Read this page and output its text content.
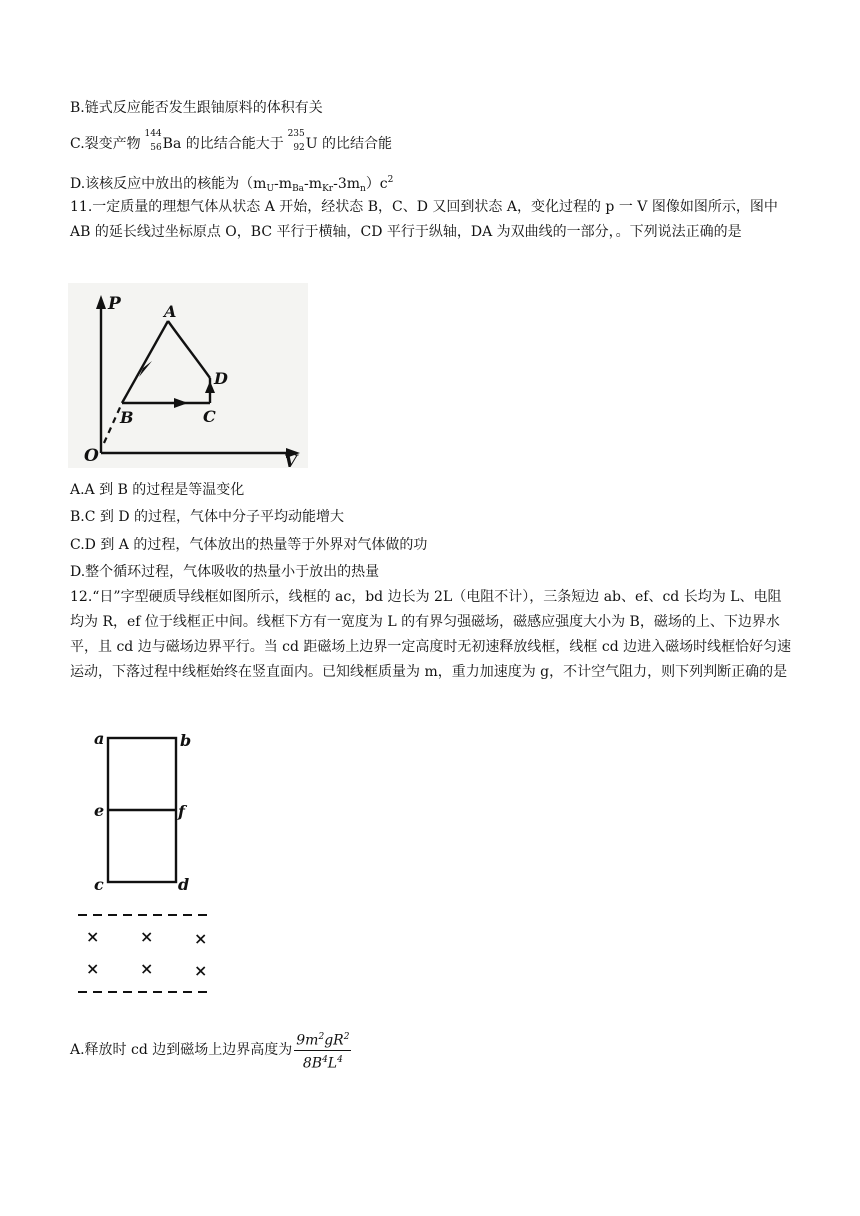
B.链式反应能否发生跟铀原料的体积有关
C.裂变产物
144
56 Ba 的比结合能大于
235
92 U 的比结合能
D.该核反应中放出的核能为$(m_U-m_{Ba}-m_{Kr}-3m_n)c^2$
11.一定质量的理想气体从状态 A 开始，经状态 B，C、D 又回到状态 A，变化过程的 p 一 V 图像如图所示，图中 AB 的延长线过坐标原点 O，BC 平行于横轴，CD 平行于纵轴，DA 为双曲线的一部分，。下列说法正确的是
P	A
B	C
D
O	V
A.A 到 B 的过程是等温变化
B.C 到 D 的过程，气体中分子平均动能增大
C.D 到 A 的过程，气体放出的热量等于外界对气体做的功
D.整个循环过程，气体吸收的热量小于放出的热量
12.“日”字型硬质导线框如图所示，线框的 ac，bd 边长为 2L（电阻不计），三条短边 ab、ef、cd 长均为 L、电阻均为 R，ef 位于线框正中间。线框下方有一宽度为 L 的有界匀强磁场，磁感应强度大小为 B，磁场的上、下边界水平，且 cd 边与磁场边界平行。当 cd 距磁场上边界一定高度时无初速释放线框，线框 cd 边进入磁场时线框恰好匀速运动，下落过程中线框始终在竖直面内。已知线框质量为 m，重力加速度为 g，不计空气阻力，则下列判断正确的是
a	b
e	f
c	d
×	×	×
×	×	×
A.释放时 cd 边到磁场上边界高度为 $\frac{9m^2gR^2}{8B^4L^4}$
